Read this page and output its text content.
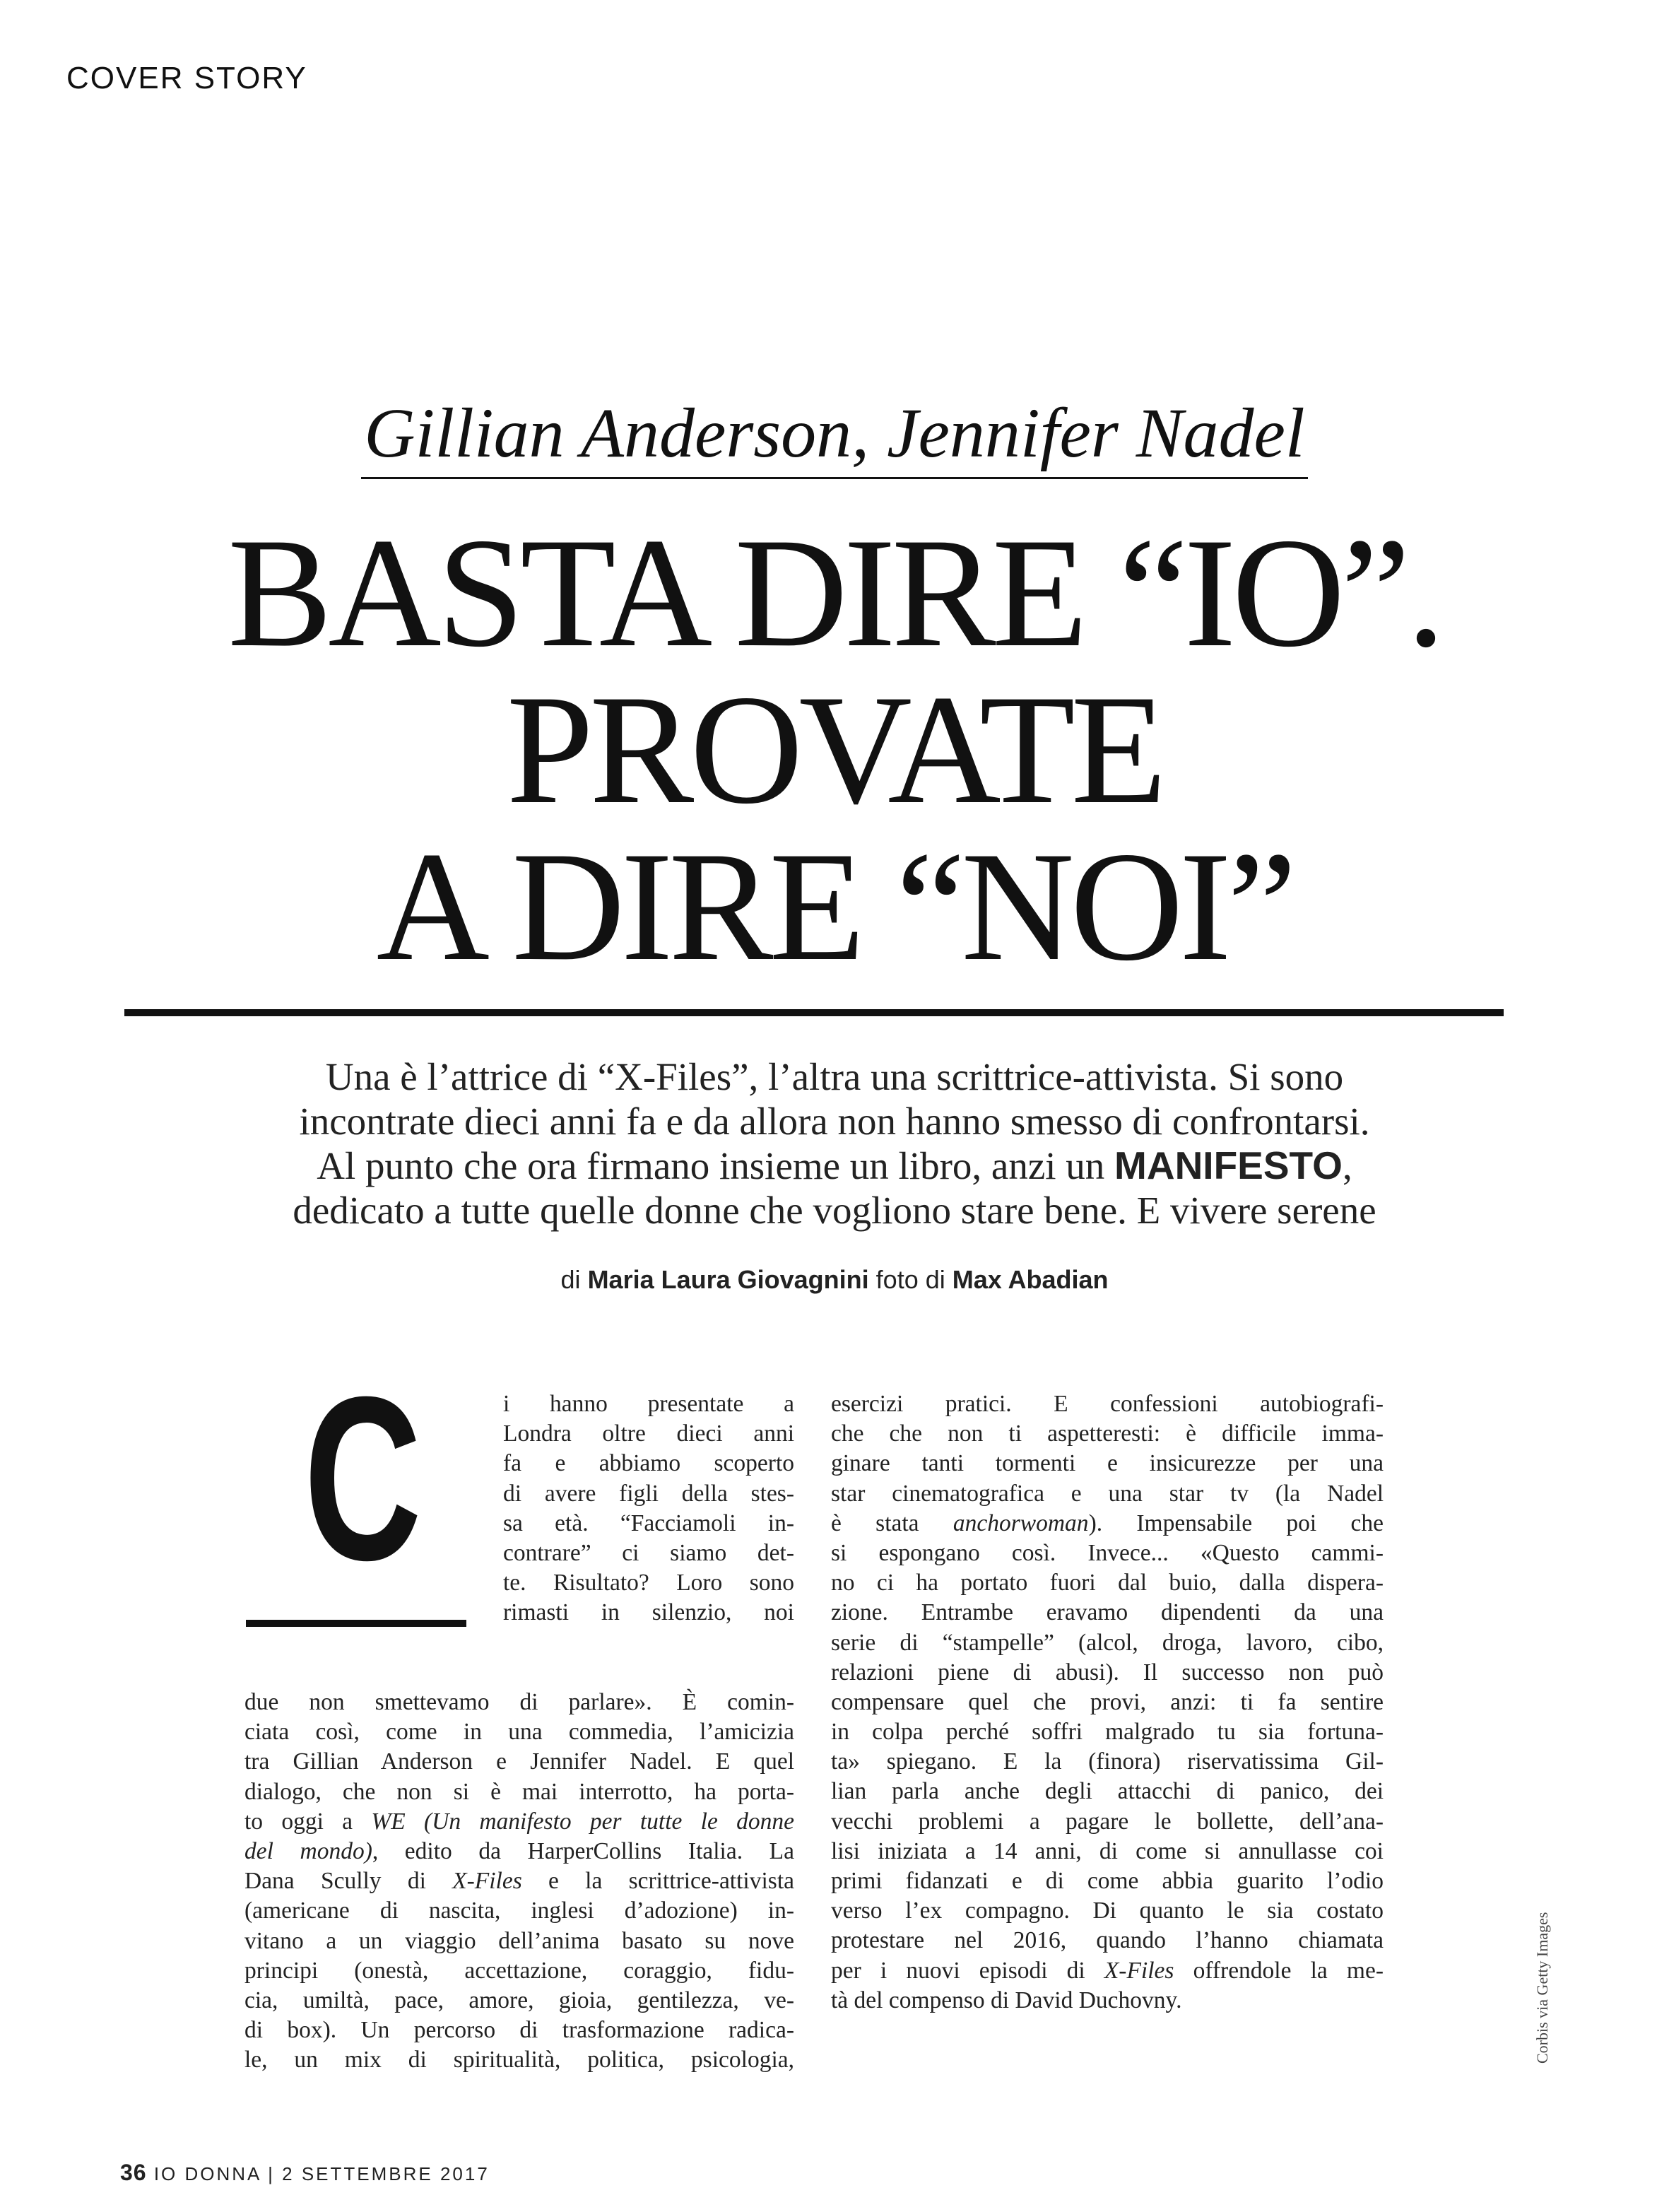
COVER STORY
Gillian Anderson, Jennifer Nadel
BASTA DIRE “IO”.
PROVATE
A DIRE “NOI”
Una è l’attrice di “X-Files”, l’altra una scrittrice-attivista. Si sono
incontrate dieci anni fa e da allora non hanno smesso di confrontarsi.
Al punto che ora firmano insieme un libro, anzi un MANIFESTO,
dedicato a tutte quelle donne che vogliono stare bene. E vivere serene
di Maria Laura Giovagnini foto di Max Abadian
C	i hanno presentate a
Londra oltre dieci anni
fa e abbiamo scoperto
di avere figli della stes-
sa età. “Facciamoli in-
contrare” ci siamo det-
te. Risultato? Loro sono
rimasti in silenzio, noi
due non smettevamo di parlare». È comin-
ciata così, come in una commedia, l’amicizia
tra Gillian Anderson e Jennifer Nadel. E quel
dialogo, che non si è mai interrotto, ha porta-
to oggi a WE (Un manifesto per tutte le donne
del mondo), edito da HarperCollins Italia. La
Dana Scully di X-Files e la scrittrice-attivista
(americane di nascita, inglesi d’adozione) in-
vitano a un viaggio dell’anima basato su nove
principi (onestà, accettazione, coraggio, fidu-
cia, umiltà, pace, amore, gioia, gentilezza, ve-
di box). Un percorso di trasformazione radica-
le, un mix di spiritualità, politica, psicologia,
esercizi pratici. E confessioni autobiografi-
che che non ti aspetteresti: è difficile imma-
ginare tanti tormenti e insicurezze per una
star cinematografica e una star tv (la Nadel
è stata anchorwoman). Impensabile poi che
si espongano così. Invece... «Questo cammi-
no ci ha portato fuori dal buio, dalla dispera-
zione. Entrambe eravamo dipendenti da una
serie di “stampelle” (alcol, droga, lavoro, cibo,
relazioni piene di abusi). Il successo non può
compensare quel che provi, anzi: ti fa sentire
in colpa perché soffri malgrado tu sia fortuna-
ta» spiegano. E la (finora) riservatissima Gil-
lian parla anche degli attacchi di panico, dei
vecchi problemi a pagare le bollette, dell’ana-
lisi iniziata a 14 anni, di come si annullasse coi
primi fidanzati e di come abbia guarito l’odio
verso l’ex compagno. Di quanto le sia costato
protestare nel 2016, quando l’hanno chiamata
per i nuovi episodi di X-Files offrendole la me-
tà del compenso di David Duchovny.	Corbis via Getty Images
36 IO DONNA | 2 SETTEMBRE 2017
